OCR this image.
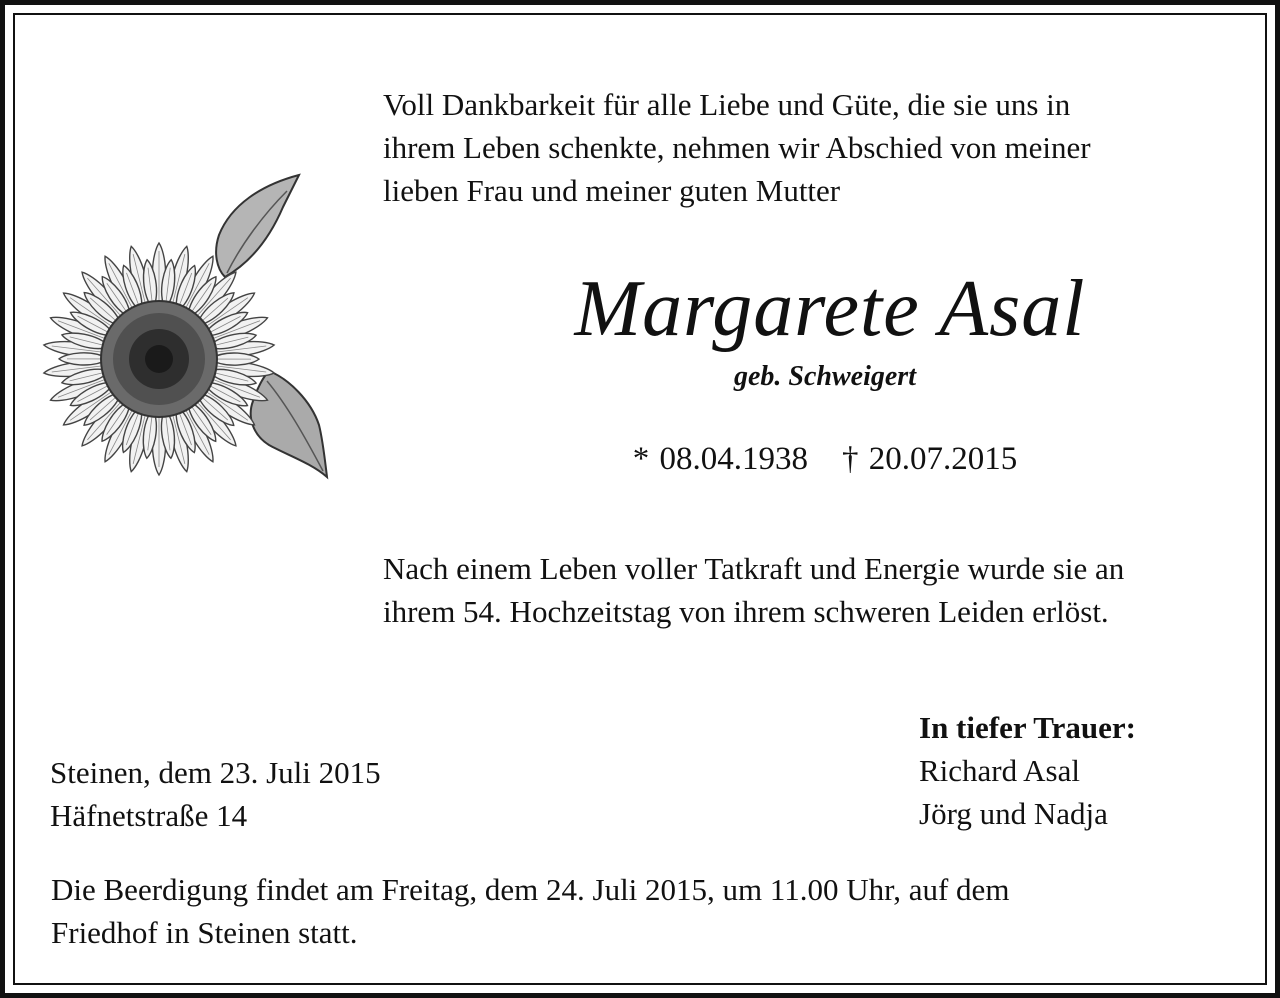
Voll Dankbarkeit für alle Liebe und Güte, die sie uns in
ihrem Leben schenkte, nehmen wir Abschied von meiner
lieben Frau und meiner guten Mutter
Margarete Asal
geb. Schweigert
* 08.04.1938 † 20.07.2015
Nach einem Leben voller Tatkraft und Energie wurde sie an
ihrem 54. Hochzeitstag von ihrem schweren Leiden erlöst.
Steinen, dem 23. Juli 2015
Häfnetstraße 14
In tiefer Trauer:
Richard Asal
Jörg und Nadja
Die Beerdigung findet am Freitag, dem 24. Juli 2015, um 11.00 Uhr, auf dem
Friedhof in Steinen statt.
